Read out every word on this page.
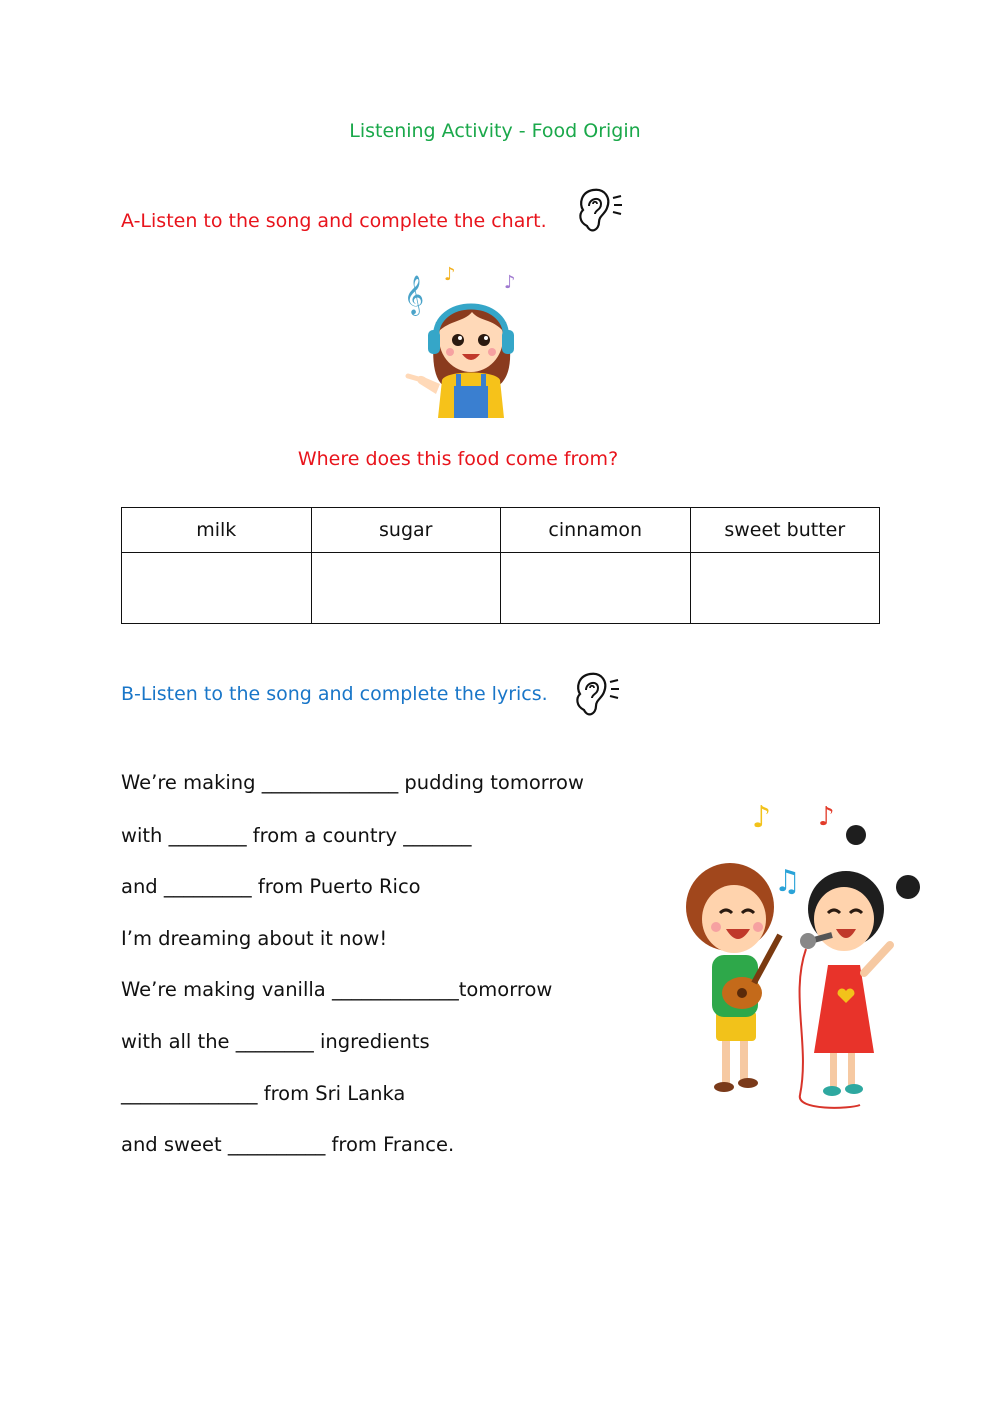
Listening Activity - Food Origin
A-Listen to the song and complete the chart.
𝄞
♪	♪
Where does this food come from?
milk	sugar	cinnamon	sweet butter

B-Listen to the song and complete the lyrics.
We’re making ______________ pudding tomorrow
with ________ from a country _______
and _________ from Puerto Rico
I’m dreaming about it now!
We’re making vanilla _____________tomorrow
with all the ________ ingredients
______________ from Sri Lanka
and sweet __________ from France.
♪ ♪
♫
